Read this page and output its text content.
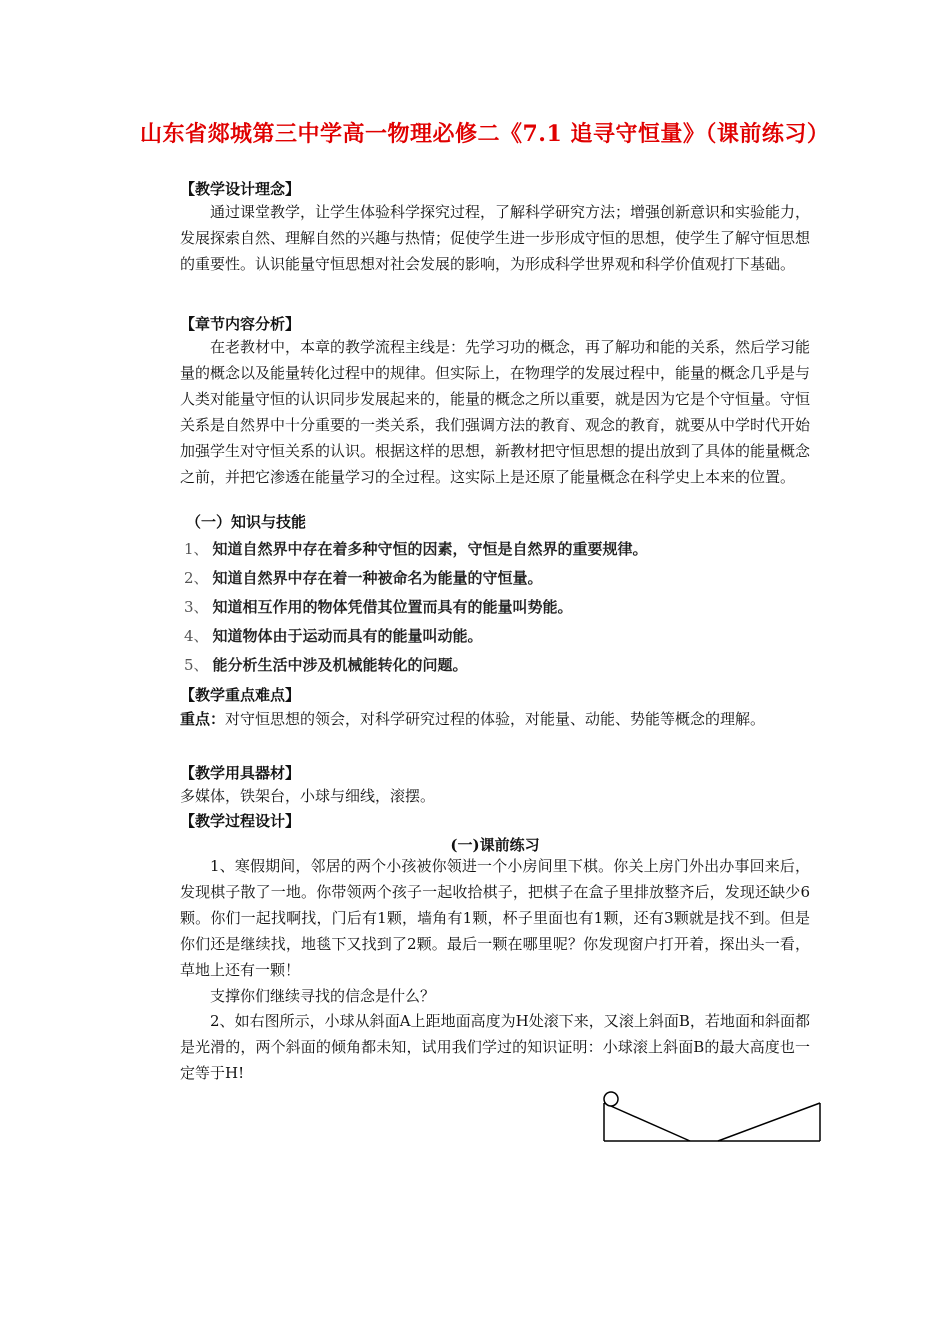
山东省郯城第三中学高一物理必修二《7.1 追寻守恒量》（课前练习）
【教学设计理念】
通过课堂教学，让学生体验科学探究过程，了解科学研究方法；增强创新意识和实验能力，发展探索自然、理解自然的兴趣与热情；促使学生进一步形成守恒的思想，使学生了解守恒思想的重要性。认识能量守恒思想对社会发展的影响，为形成科学世界观和科学价值观打下基础。
【章节内容分析】
在老教材中，本章的教学流程主线是：先学习功的概念，再了解功和能的关系，然后学习能量的概念以及能量转化过程中的规律。但实际上，在物理学的发展过程中，能量的概念几乎是与人类对能量守恒的认识同步发展起来的，能量的概念之所以重要，就是因为它是个守恒量。守恒关系是自然界中十分重要的一类关系，我们强调方法的教育、观念的教育，就要从中学时代开始加强学生对守恒关系的认识。根据这样的思想，新教材把守恒思想的提出放到了具体的能量概念之前，并把它渗透在能量学习的全过程。这实际上是还原了能量概念在科学史上本来的位置。
（一）知识与技能
1、 知道自然界中存在着多种守恒的因素，守恒是自然界的重要规律。
2、 知道自然界中存在着一种被命名为能量的守恒量。
3、 知道相互作用的物体凭借其位置而具有的能量叫势能。
4、 知道物体由于运动而具有的能量叫动能。
5、 能分析生活中涉及机械能转化的问题。
【教学重点难点】
重点：对守恒思想的领会，对科学研究过程的体验，对能量、动能、势能等概念的理解。
【教学用具器材】
多媒体，铁架台，小球与细线，滚摆。
【教学过程设计】
(一)课前练习
1、寒假期间，邻居的两个小孩被你领进一个小房间里下棋。你关上房门外出办事回来后，发现棋子散了一地。你带领两个孩子一起收拾棋子，把棋子在盒子里排放整齐后，发现还缺少6颗。你们一起找啊找，门后有1颗，墙角有1颗，杯子里面也有1颗，还有3颗就是找不到。但是你们还是继续找，地毯下又找到了2颗。最后一颗在哪里呢？你发现窗户打开着，探出头一看，草地上还有一颗！
支撑你们继续寻找的信念是什么？
2、如右图所示，小球从斜面A上距地面高度为H处滚下来，又滚上斜面B，若地面和斜面都是光滑的，两个斜面的倾角都未知，试用我们学过的知识证明：小球滚上斜面B的最大高度也一定等于H!
